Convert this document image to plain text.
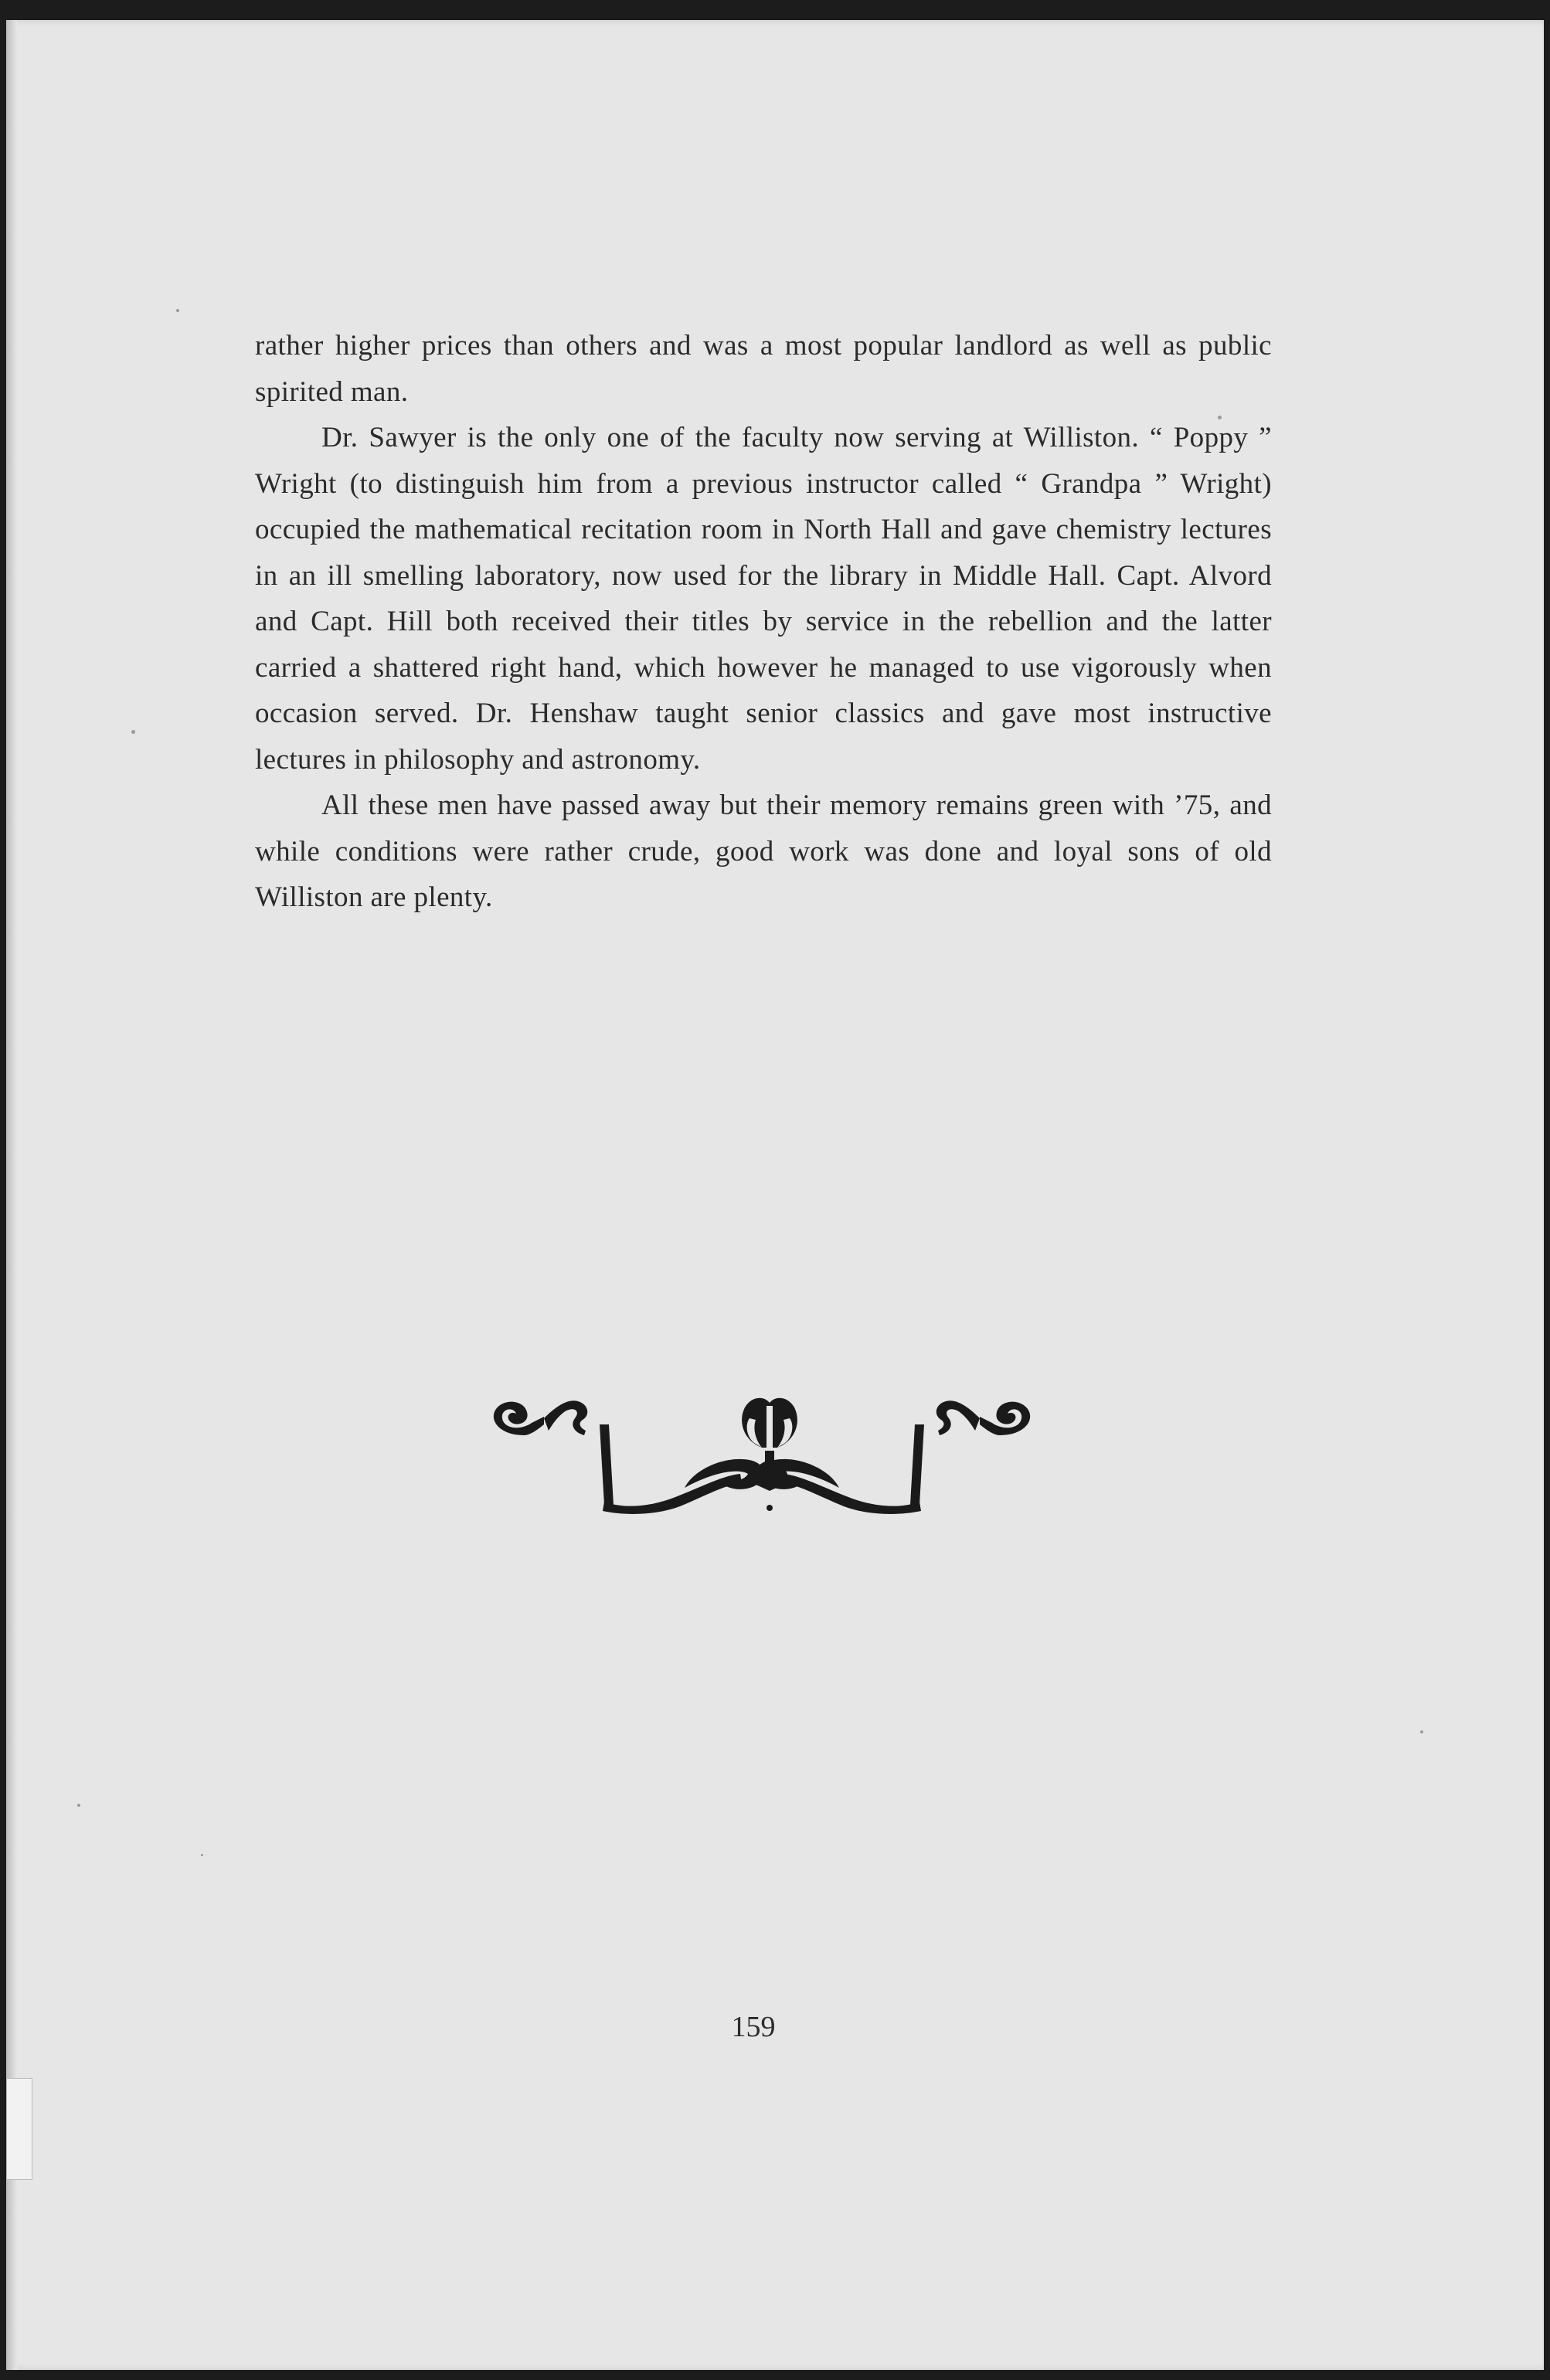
rather higher prices than others and was a most popular landlord as well as public spirited man.

Dr. Sawyer is the only one of the faculty now serving at Williston. “ Poppy ” Wright (to distinguish him from a previous instructor called “ Grandpa ” Wright) occupied the mathematical recitation room in North Hall and gave chemistry lectures in an ill smelling laboratory, now used for the library in Middle Hall. Capt. Alvord and Capt. Hill both received their titles by service in the rebellion and the latter carried a shattered right hand, which however he managed to use vigorously when occasion served. Dr. Henshaw taught senior classics and gave most instructive lectures in philosophy and astronomy.

All these men have passed away but their memory remains green with ’75, and while conditions were rather crude, good work was done and loyal sons of old Williston are plenty.

159
